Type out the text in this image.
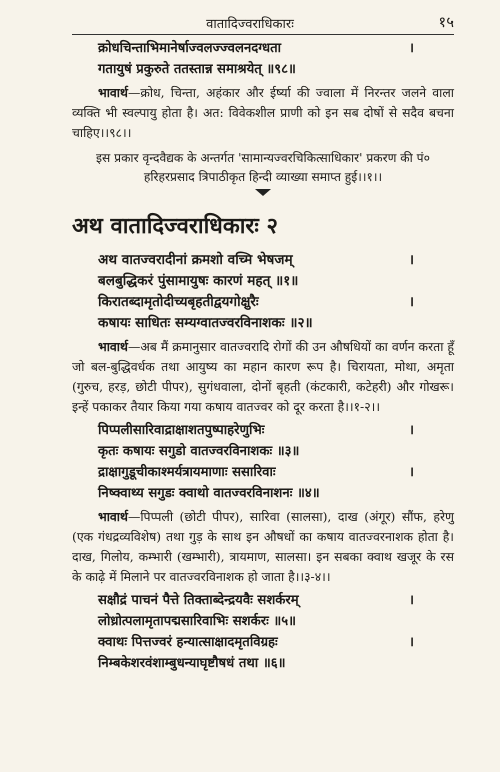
वातादिज्वराधिकारः	१५
क्रोधचिन्ताभिमानेर्षाज्वलज्ज्वलनदग्धता	।
गतायुषं प्रकुरुते ततस्तान्न समाश्रयेत् ॥९८॥
भावार्थ—क्रोध, चिन्ता, अहंकार और ईर्ष्या की ज्वाला में निरन्तर जलने वाला व्यक्ति भी स्वल्पायु होता है। अत: विवेकशील प्राणी को इन सब दोषों से सदैव बचना चाहिए।।९८।।
इस प्रकार वृन्दवैद्यक के अन्तर्गत 'सामान्यज्वरचिकित्साधिकार' प्रकरण की पं० हरिहरप्रसाद त्रिपाठीकृत हिन्दी व्याख्या समाप्त हुई।।१।।
अथ वातादिज्वराधिकारः २
अथ वातज्वरादीनां क्रमशो वच्मि भेषजम्	।
बलबुद्धिकरं पुंसामायुषः कारणं महत् ॥१॥
किरातब्दामृतोदीच्यबृहतीद्वयगोक्षुरैः	।
कषायः साधितः सम्यग्वातज्वरविनाशकः ॥२॥
भावार्थ—अब मैं क्रमानुसार वातज्वरादि रोगों की उन औषधियों का वर्णन करता हूँ जो बल-बुद्धिवर्धक तथा आयुष्य का महान कारण रूप है। चिरायता, मोथा, अमृता (गुरुच, हरड़, छोटी पीपर), सुगंधवाला, दोनों बृहती (कंटकारी, कटेहरी) और गोखरू। इन्हें पकाकर तैयार किया गया कषाय वातज्वर को दूर करता है।।१-२।।
पिप्पलीसारिवाद्राक्षाशतपुष्पाहरेणुभिः	।
कृतः कषायः सगुडो वातज्वरविनाशकः ॥३॥
द्राक्षागुडूचीकाश्मर्यत्रायमाणाः ससारिवाः	।
निष्क्वाथ्य सगुडः क्वाथो वातज्वरविनाशनः ॥४॥
भावार्थ—पिप्पली (छोटी पीपर), सारिवा (सालसा), दाख (अंगूर) सौंफ, हरेणु (एक गंधद्रव्यविशेष) तथा गुड़ के साथ इन औषधों का कषाय वातज्वरनाशक होता है। दाख, गिलोय, कम्भारी (खम्भारी), त्रायमाण, सालसा। इन सबका क्वाथ खजूर के रस के काढ़े में मिलाने पर वातज्वरविनाशक हो जाता है।।३-४।।
सक्षौद्रं पाचनं पैत्ते तिक्ताब्देन्द्रयवैः सशर्करम्	।
लोध्रोत्पलामृतापद्मसारिवाभिः सशर्करः ॥५॥
क्वाथः पित्तज्वरं हन्यात्साक्षादमृतविग्रहः	।
निम्बकेशरवंशाम्बुधन्याघृष्टौषधं तथा ॥६॥
